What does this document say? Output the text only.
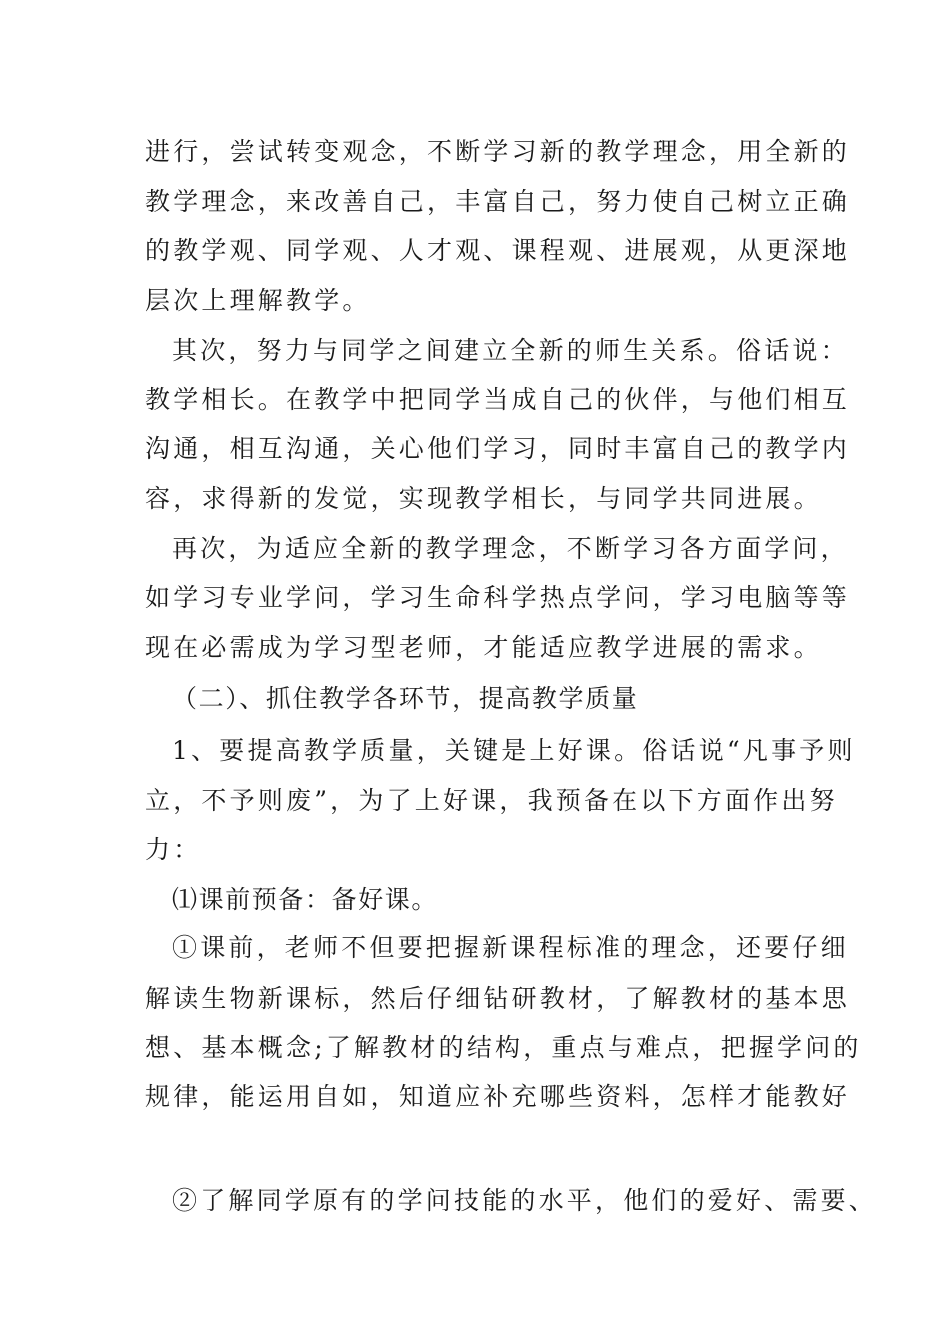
进行，尝试转变观念，不断学习新的教学理念，用全新的
教学理念，来改善自己，丰富自己，努力使自己树立正确
的教学观、同学观、人才观、课程观、进展观，从更深地
层次上理解教学。
其次，努力与同学之间建立全新的师生关系。俗话说：
教学相长。在教学中把同学当成自己的伙伴，与他们相互
沟通，相互沟通，关心他们学习，同时丰富自己的教学内
容，求得新的发觉，实现教学相长，与同学共同进展。
再次，为适应全新的教学理念，不断学习各方面学问，
如学习专业学问，学习生命科学热点学问，学习电脑等等
现在必需成为学习型老师，才能适应教学进展的需求。
（二）、抓住教学各环节，提高教学质量
1、要提高教学质量，关键是上好课。俗话说“凡事予则
立，不予则废”，为了上好课，我预备在以下方面作出努
力：
⑴课前预备：备好课。
①课前，老师不但要把握新课程标准的理念，还要仔细
解读生物新课标，然后仔细钻研教材，了解教材的基本思
想、基本概念;了解教材的结构，重点与难点，把握学问的
规律，能运用自如，知道应补充哪些资料，怎样才能教好
②了解同学原有的学问技能的水平，他们的爱好、需要、
